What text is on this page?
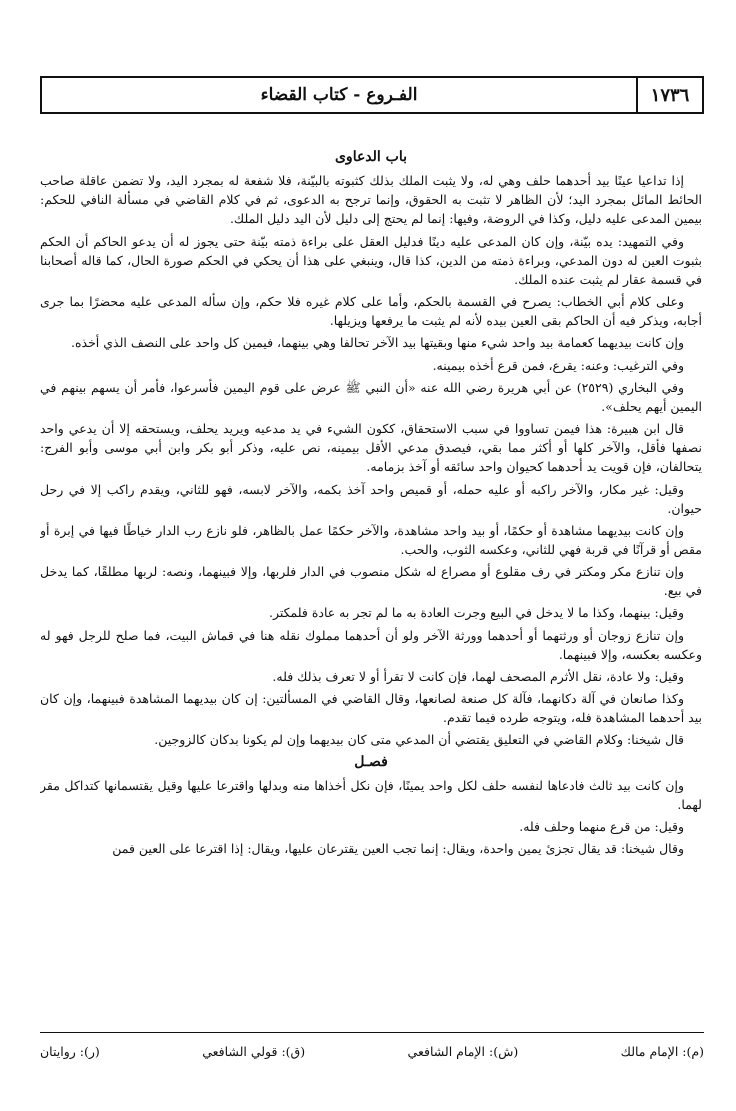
١٧٣٦
الفـروع - كتاب القضاء

باب الدعاوى

إذا تداعيا عينًا بيد أحدهما حلف وهي له، ولا يثبت الملك بذلك كثبوته بالبيّنة، فلا شفعة له بمجرد اليد، ولا تضمن عاقلة صاحب الحائط المائل بمجرد اليد؛ لأن الظاهر لا تثبت به الحقوق، وإنما ترجح به الدعوى، ثم في كلام القاضي في مسألة النافي للحكم: بيمين المدعى عليه دليل، وكذا في الروضة، وفيها: إنما لم يحتج إلى دليل لأن اليد دليل الملك.

وفي التمهيد: يده بيّنة، وإن كان المدعى عليه دينًا فدليل العقل على براءة ذمته بيّنة حتى يجوز له أن يدعو الحاكم أن الحكم بثبوت العين له دون المدعي، وبراءة ذمته من الدين، كذا قال، وينبغي على هذا أن يحكي في الحكم صورة الحال، كما قاله أصحابنا في قسمة عقار لم يثبت عنده الملك.

وعلى كلام أبي الخطاب: يصرح في القسمة بالحكم، وأما على كلام غيره فلا حكم، وإن سأله المدعى عليه محضرًا بما جرى أجابه، ويذكر فيه أن الحاكم بقى العين بيده لأنه لم يثبت ما يرفعها ويزيلها.

وإن كانت بيديهما كعمامة بيد واحد شيء منها وبقيتها بيد الآخر تحالفا وهي بينهما، فيمين كل واحد على النصف الذي أخذه.

وفي الترغيب: وعنه: يقرع، فمن قرع أخذه بيمينه.

وفي البخاري (٢٥٢٩) عن أبي هريرة رضي الله عنه «أن النبي ﷺ عرض على قوم اليمين فأسرعوا، فأمر أن يسهم بينهم في اليمين أيهم يحلف».

قال ابن هبيرة: هذا فيمن تساووا في سبب الاستحقاق، ككون الشيء في يد مدعيه ويريد يحلف، ويستحقه إلا أن يدعي واحد نصفها فأقل، والآخر كلها أو أكثر مما بقي، فيصدق مدعي الأقل بيمينه، نص عليه، وذكر أبو بكر وابن أبي موسى وأبو الفرج: يتحالفان، فإن قويت يد أحدهما كحيوان واحد سائقه أو آخذ بزمامه.

وقيل: غير مكار، والآخر راكبه أو عليه حمله، أو قميص واحد آخذ بكمه، والآخر لابسه، فهو للثاني، ويقدم راكب إلا في رحل حيوان.

وإن كانت بيديهما مشاهدة أو حكمًا، أو بيد واحد مشاهدة، والآخر حكمًا عمل بالظاهر، فلو نازع رب الدار خياطًا فيها في إبرة أو مقص أو قرآنًا في قربة فهي للثاني، وعكسه الثوب، والحب.

وإن تنازع مكر ومكتر في رف مقلوع أو مصراع له شكل منصوب في الدار فلربها، وإلا فبينهما، ونصه: لربها مطلقًا، كما يدخل في بيع.

وقيل: بينهما، وكذا ما لا يدخل في البيع وجرت العادة به ما لم تجر به عادة فلمكتر.

وإن تنازع زوجان أو ورثتهما أو أحدهما وورثة الآخر ولو أن أحدهما مملوك نقله هنا في قماش البيت، فما صلح للرجل فهو له وعكسه بعكسه، وإلا فبينهما.

وقيل: ولا عادة، نقل الأثرم المصحف لهما، فإن كانت لا تقرأ أو لا تعرف بذلك فله.

وكذا صانعان في آلة دكانهما، فآلة كل صنعة لصانعها، وقال القاضي في المسألتين: إن كان بيديهما المشاهدة فبينهما، وإن كان بيد أحدهما المشاهدة فله، ويتوجه طرده فيما تقدم.

قال شيخنا: وكلام القاضي في التعليق يقتضي أن المدعي متى كان بيديهما وإن لم يكونا بدكان كالزوجين.

فصـل

وإن كانت بيد ثالث فادعاها لنفسه حلف لكل واحد يمينًا، فإن نكل أخذاها منه وبدلها واقترعا عليها وقيل يقتسمانها كتداكل مقر لهما.

وقيل: من قرع منهما وحلف فله.

وقال شيخنا: قد يقال تجزئ يمين واحدة، ويقال: إنما تجب العين يقترعان عليها، ويقال: إذا اقترعا على العين فمن

(م): الإمام مالك
(ش): الإمام الشافعي
(ق): قولي الشافعي
(ر): روايتان
